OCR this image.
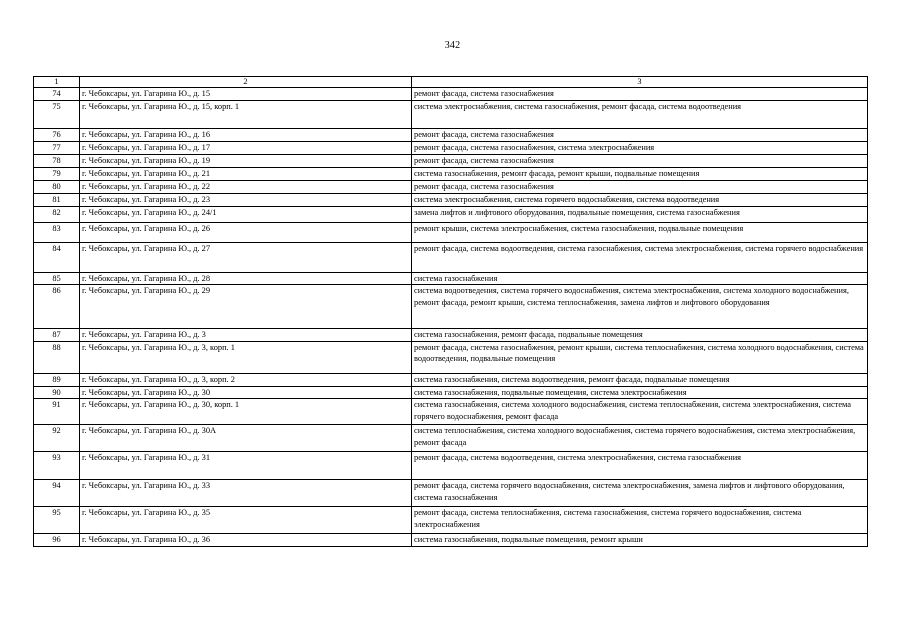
342
1	2	3
74	г. Чебоксары, ул. Гагарина Ю., д. 15	ремонт фасада, система газоснабжения
75	г. Чебоксары, ул. Гагарина Ю., д. 15, корп. 1	система электроснабжения, система газоснабжения, ремонт фасада, система водоотведения
76	г. Чебоксары, ул. Гагарина Ю., д. 16	ремонт фасада, система газоснабжения
77	г. Чебоксары, ул. Гагарина Ю., д. 17	ремонт фасада, система газоснабжения, система электроснабжения
78	г. Чебоксары, ул. Гагарина Ю., д. 19	ремонт фасада, система газоснабжения
79	г. Чебоксары, ул. Гагарина Ю., д. 21	система газоснабжения, ремонт фасада, ремонт крыши, подвальные помещения
80	г. Чебоксары, ул. Гагарина Ю., д. 22	ремонт фасада, система газоснабжения
81	г. Чебоксары, ул. Гагарина Ю., д. 23	система электроснабжения, система горячего водоснабжения, система водоотведения
82	г. Чебоксары, ул. Гагарина Ю., д. 24/1	замена лифтов и лифтового оборудования, подвальные помещения, система газоснабжения
83	г. Чебоксары, ул. Гагарина Ю., д. 26	ремонт крыши, система электроснабжения, система газоснабжения, подвальные помещения
84	г. Чебоксары, ул. Гагарина Ю., д. 27	ремонт фасада, система водоотведения, система газоснабжения, система электроснабжения, система горячего водоснабжения
85	г. Чебоксары, ул. Гагарина Ю., д. 28	система газоснабжения
86	г. Чебоксары, ул. Гагарина Ю., д. 29	система водоотведения, система горячего водоснабжения, система электроснабжения, система холодного водоснабжения, ремонт фасада, ремонт крыши, система теплоснабжения, замена лифтов и лифтового оборудования
87	г. Чебоксары, ул. Гагарина Ю., д. 3	система газоснабжения, ремонт фасада, подвальные помещения
88	г. Чебоксары, ул. Гагарина Ю., д. 3, корп. 1	ремонт фасада, система газоснабжения, ремонт крыши, система теплоснабжения, система холодного водоснабжения, система водоотведения, подвальные помещения
89	г. Чебоксары, ул. Гагарина Ю., д. 3, корп. 2	система газоснабжения, система водоотведения, ремонт фасада, подвальные помещения
90	г. Чебоксары, ул. Гагарина Ю., д. 30	система газоснабжения, подвальные помещения, система электроснабжения
91	г. Чебоксары, ул. Гагарина Ю., д. 30, корп. 1	система газоснабжения, система холодного водоснабжения, система теплоснабжения, система электроснабжения, система горячего водоснабжения, ремонт фасада
92	г. Чебоксары, ул. Гагарина Ю., д. 30А	система теплоснабжения, система холодного водоснабжения, система горячего водоснабжения, система электроснабжения, ремонт фасада
93	г. Чебоксары, ул. Гагарина Ю., д. 31	ремонт фасада, система водоотведения, система электроснабжения, система газоснабжения
94	г. Чебоксары, ул. Гагарина Ю., д. 33	ремонт фасада, система горячего водоснабжения, система электроснабжения, замена лифтов и лифтового оборудования, система газоснабжения
95	г. Чебоксары, ул. Гагарина Ю., д. 35	ремонт фасада, система теплоснабжения, система газоснабжения, система горячего водоснабжения, система электроснабжения
96	г. Чебоксары, ул. Гагарина Ю., д. 36	система газоснабжения, подвальные помещения, ремонт крыши
